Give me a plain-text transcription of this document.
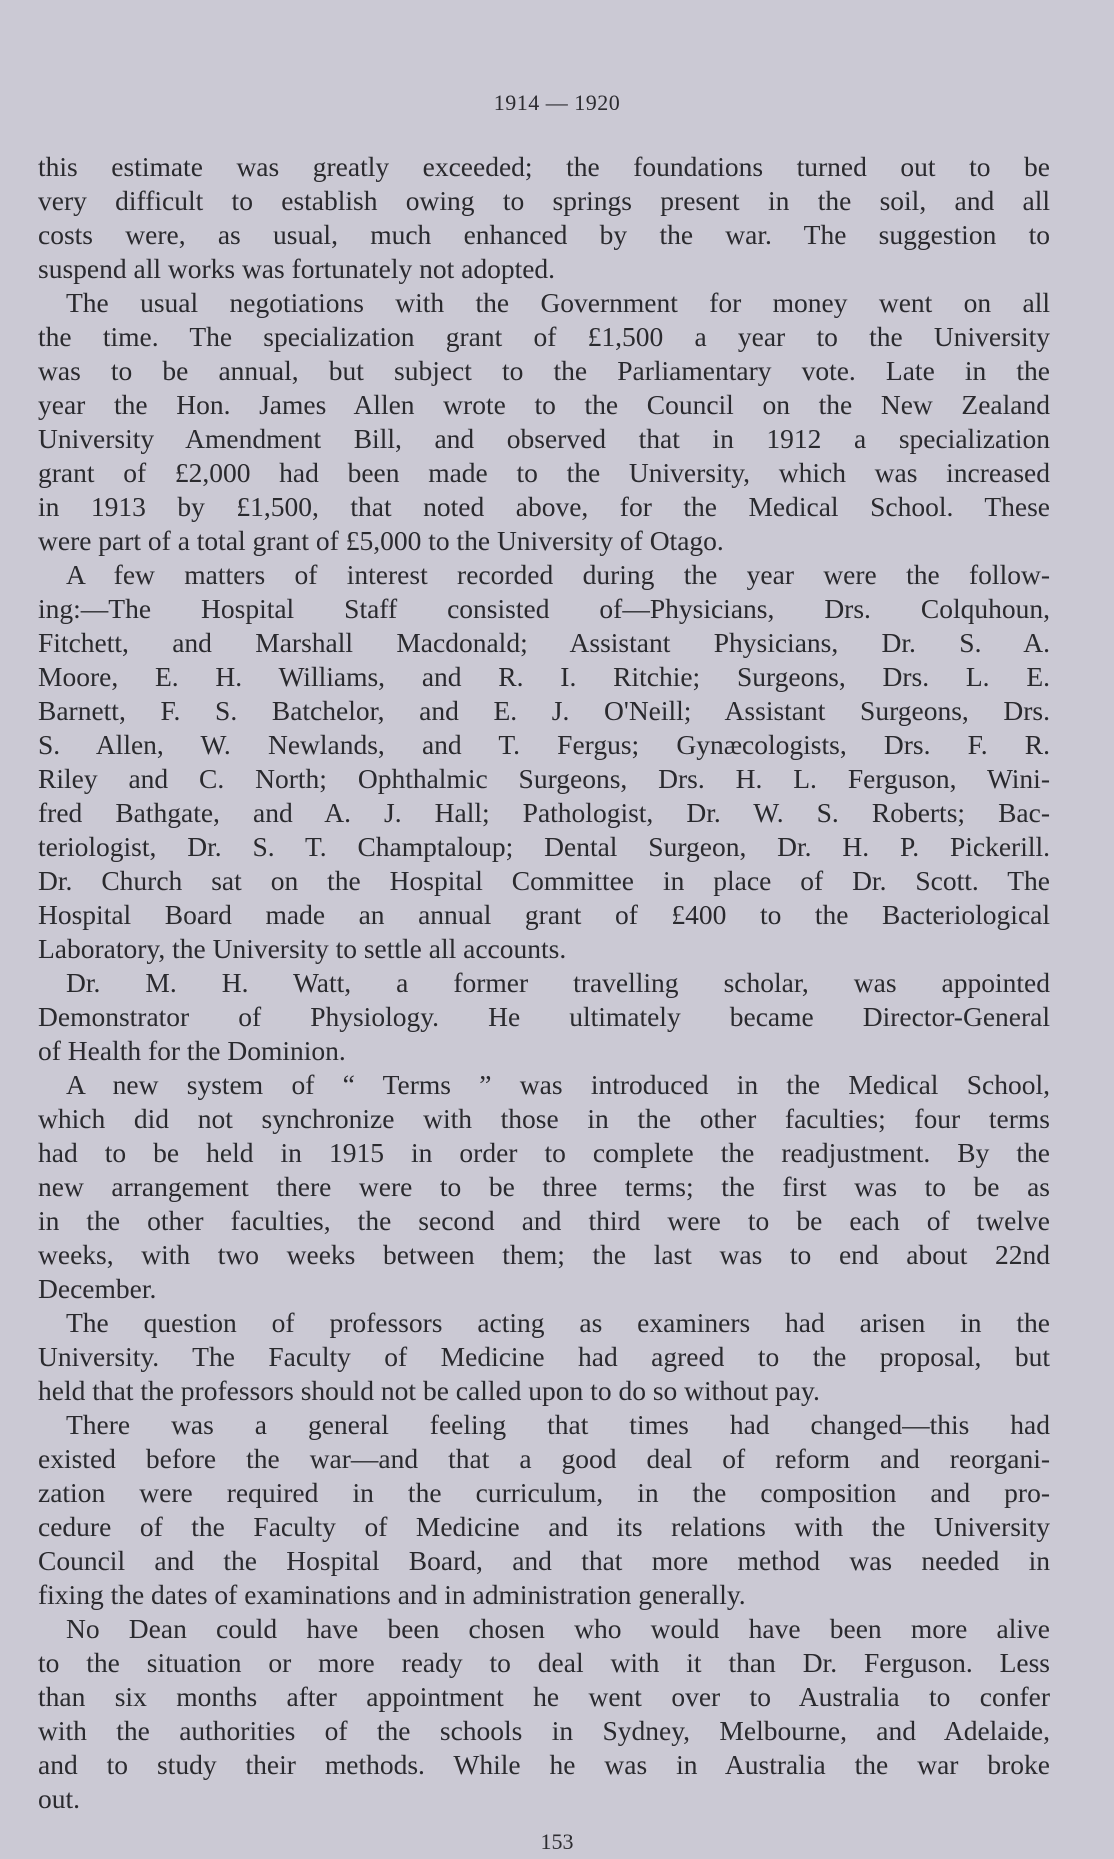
1914 — 1920
this estimate was greatly exceeded; the foundations turned out to be
very difficult to establish owing to springs present in the soil, and all
costs were, as usual, much enhanced by the war. The suggestion to
suspend all works was fortunately not adopted.
The usual negotiations with the Government for money went on all
the time. The specialization grant of £1,500 a year to the University
was to be annual, but subject to the Parliamentary vote. Late in the
year the Hon. James Allen wrote to the Council on the New Zealand
University Amendment Bill, and observed that in 1912 a specialization
grant of £2,000 had been made to the University, which was increased
in 1913 by £1,500, that noted above, for the Medical School. These
were part of a total grant of £5,000 to the University of Otago.
A few matters of interest recorded during the year were the follow-
ing:—The Hospital Staff consisted of—Physicians, Drs. Colquhoun,
Fitchett, and Marshall Macdonald; Assistant Physicians, Dr. S. A.
Moore, E. H. Williams, and R. I. Ritchie; Surgeons, Drs. L. E.
Barnett, F. S. Batchelor, and E. J. O'Neill; Assistant Surgeons, Drs.
S. Allen, W. Newlands, and T. Fergus; Gynæcologists, Drs. F. R.
Riley and C. North; Ophthalmic Surgeons, Drs. H. L. Ferguson, Wini-
fred Bathgate, and A. J. Hall; Pathologist, Dr. W. S. Roberts; Bac-
teriologist, Dr. S. T. Champtaloup; Dental Surgeon, Dr. H. P. Pickerill.
Dr. Church sat on the Hospital Committee in place of Dr. Scott. The
Hospital Board made an annual grant of £400 to the Bacteriological
Laboratory, the University to settle all accounts.
Dr. M. H. Watt, a former travelling scholar, was appointed
Demonstrator of Physiology. He ultimately became Director-General
of Health for the Dominion.
A new system of “ Terms ” was introduced in the Medical School,
which did not synchronize with those in the other faculties; four terms
had to be held in 1915 in order to complete the readjustment. By the
new arrangement there were to be three terms; the first was to be as
in the other faculties, the second and third were to be each of twelve
weeks, with two weeks between them; the last was to end about 22nd
December.
The question of professors acting as examiners had arisen in the
University. The Faculty of Medicine had agreed to the proposal, but
held that the professors should not be called upon to do so without pay.
There was a general feeling that times had changed—this had
existed before the war—and that a good deal of reform and reorgani-
zation were required in the curriculum, in the composition and pro-
cedure of the Faculty of Medicine and its relations with the University
Council and the Hospital Board, and that more method was needed in
fixing the dates of examinations and in administration generally.
No Dean could have been chosen who would have been more alive
to the situation or more ready to deal with it than Dr. Ferguson. Less
than six months after appointment he went over to Australia to confer
with the authorities of the schools in Sydney, Melbourne, and Adelaide,
and to study their methods. While he was in Australia the war broke
out.
153
